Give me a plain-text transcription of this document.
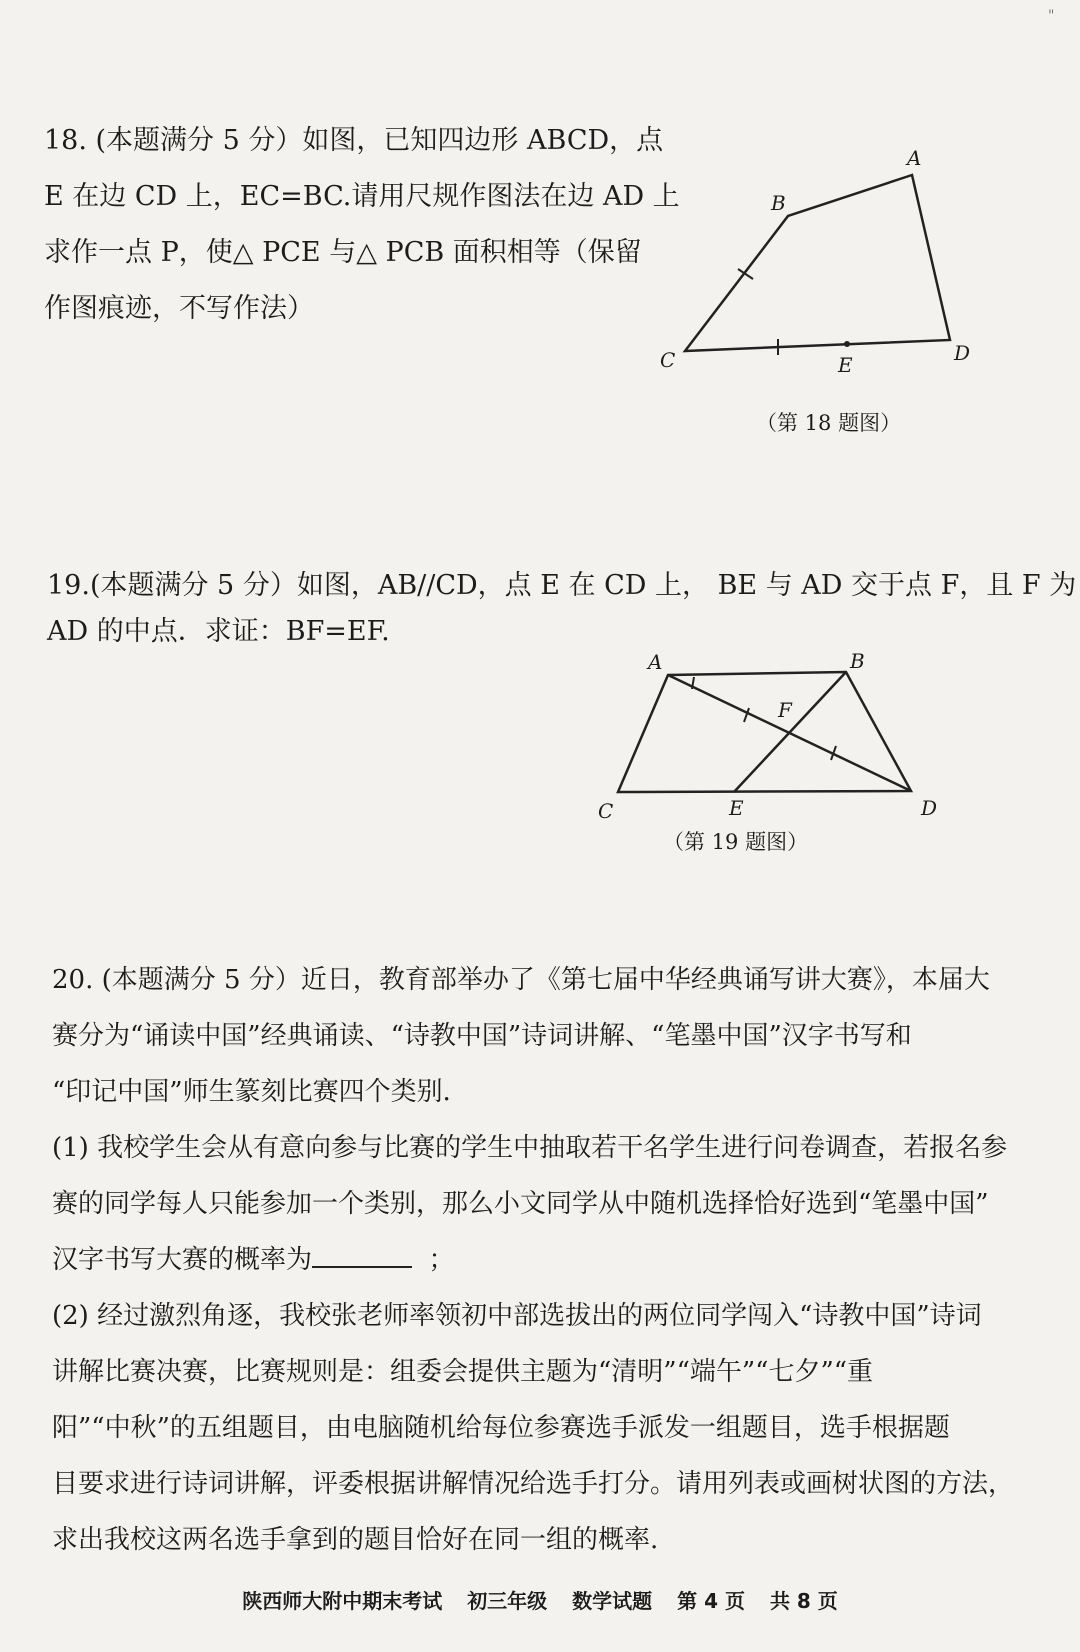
"

18. (本题满分 5 分）如图，已知四边形 ABCD，点

E 在边 CD 上，EC=BC.请用尺规作图法在边 AD 上

求作一点 P，使△ PCE 与△ PCB 面积相等（保留

作图痕迹，不写作法）

A
B
C	D
E
A	B
F
C	E	D
（第 18 题图）

19.(本题满分 5 分）如图，AB//CD，点 E 在 CD 上， BE 与 AD 交于点 F，且 F 为

AD 的中点．求证：BF=EF.

（第 19 题图）

20. (本题满分 5 分）近日，教育部举办了《第七届中华经典诵写讲大赛》，本届大

赛分为“诵读中国”经典诵读、“诗教中国”诗词讲解、“笔墨中国”汉字书写和

“印记中国”师生篆刻比赛四个类别．

(1) 我校学生会从有意向参与比赛的学生中抽取若干名学生进行问卷调查，若报名参

赛的同学每人只能参加一个类别，那么小文同学从中随机选择恰好选到“笔墨中国”

汉字书写大赛的概率为	；

(2) 经过激烈角逐，我校张老师率领初中部选拔出的两位同学闯入“诗教中国”诗词

讲解比赛决赛，比赛规则是：组委会提供主题为“清明”“端午”“七夕”“重

阳”“中秋”的五组题目，由电脑随机给每位参赛选手派发一组题目，选手根据题

目要求进行诗词讲解，评委根据讲解情况给选手打分。请用列表或画树状图的方法，

求出我校这两名选手拿到的题目恰好在同一组的概率.

陕西师大附中期末考试 初三年级 数学试题 第 4 页 共 8 页
